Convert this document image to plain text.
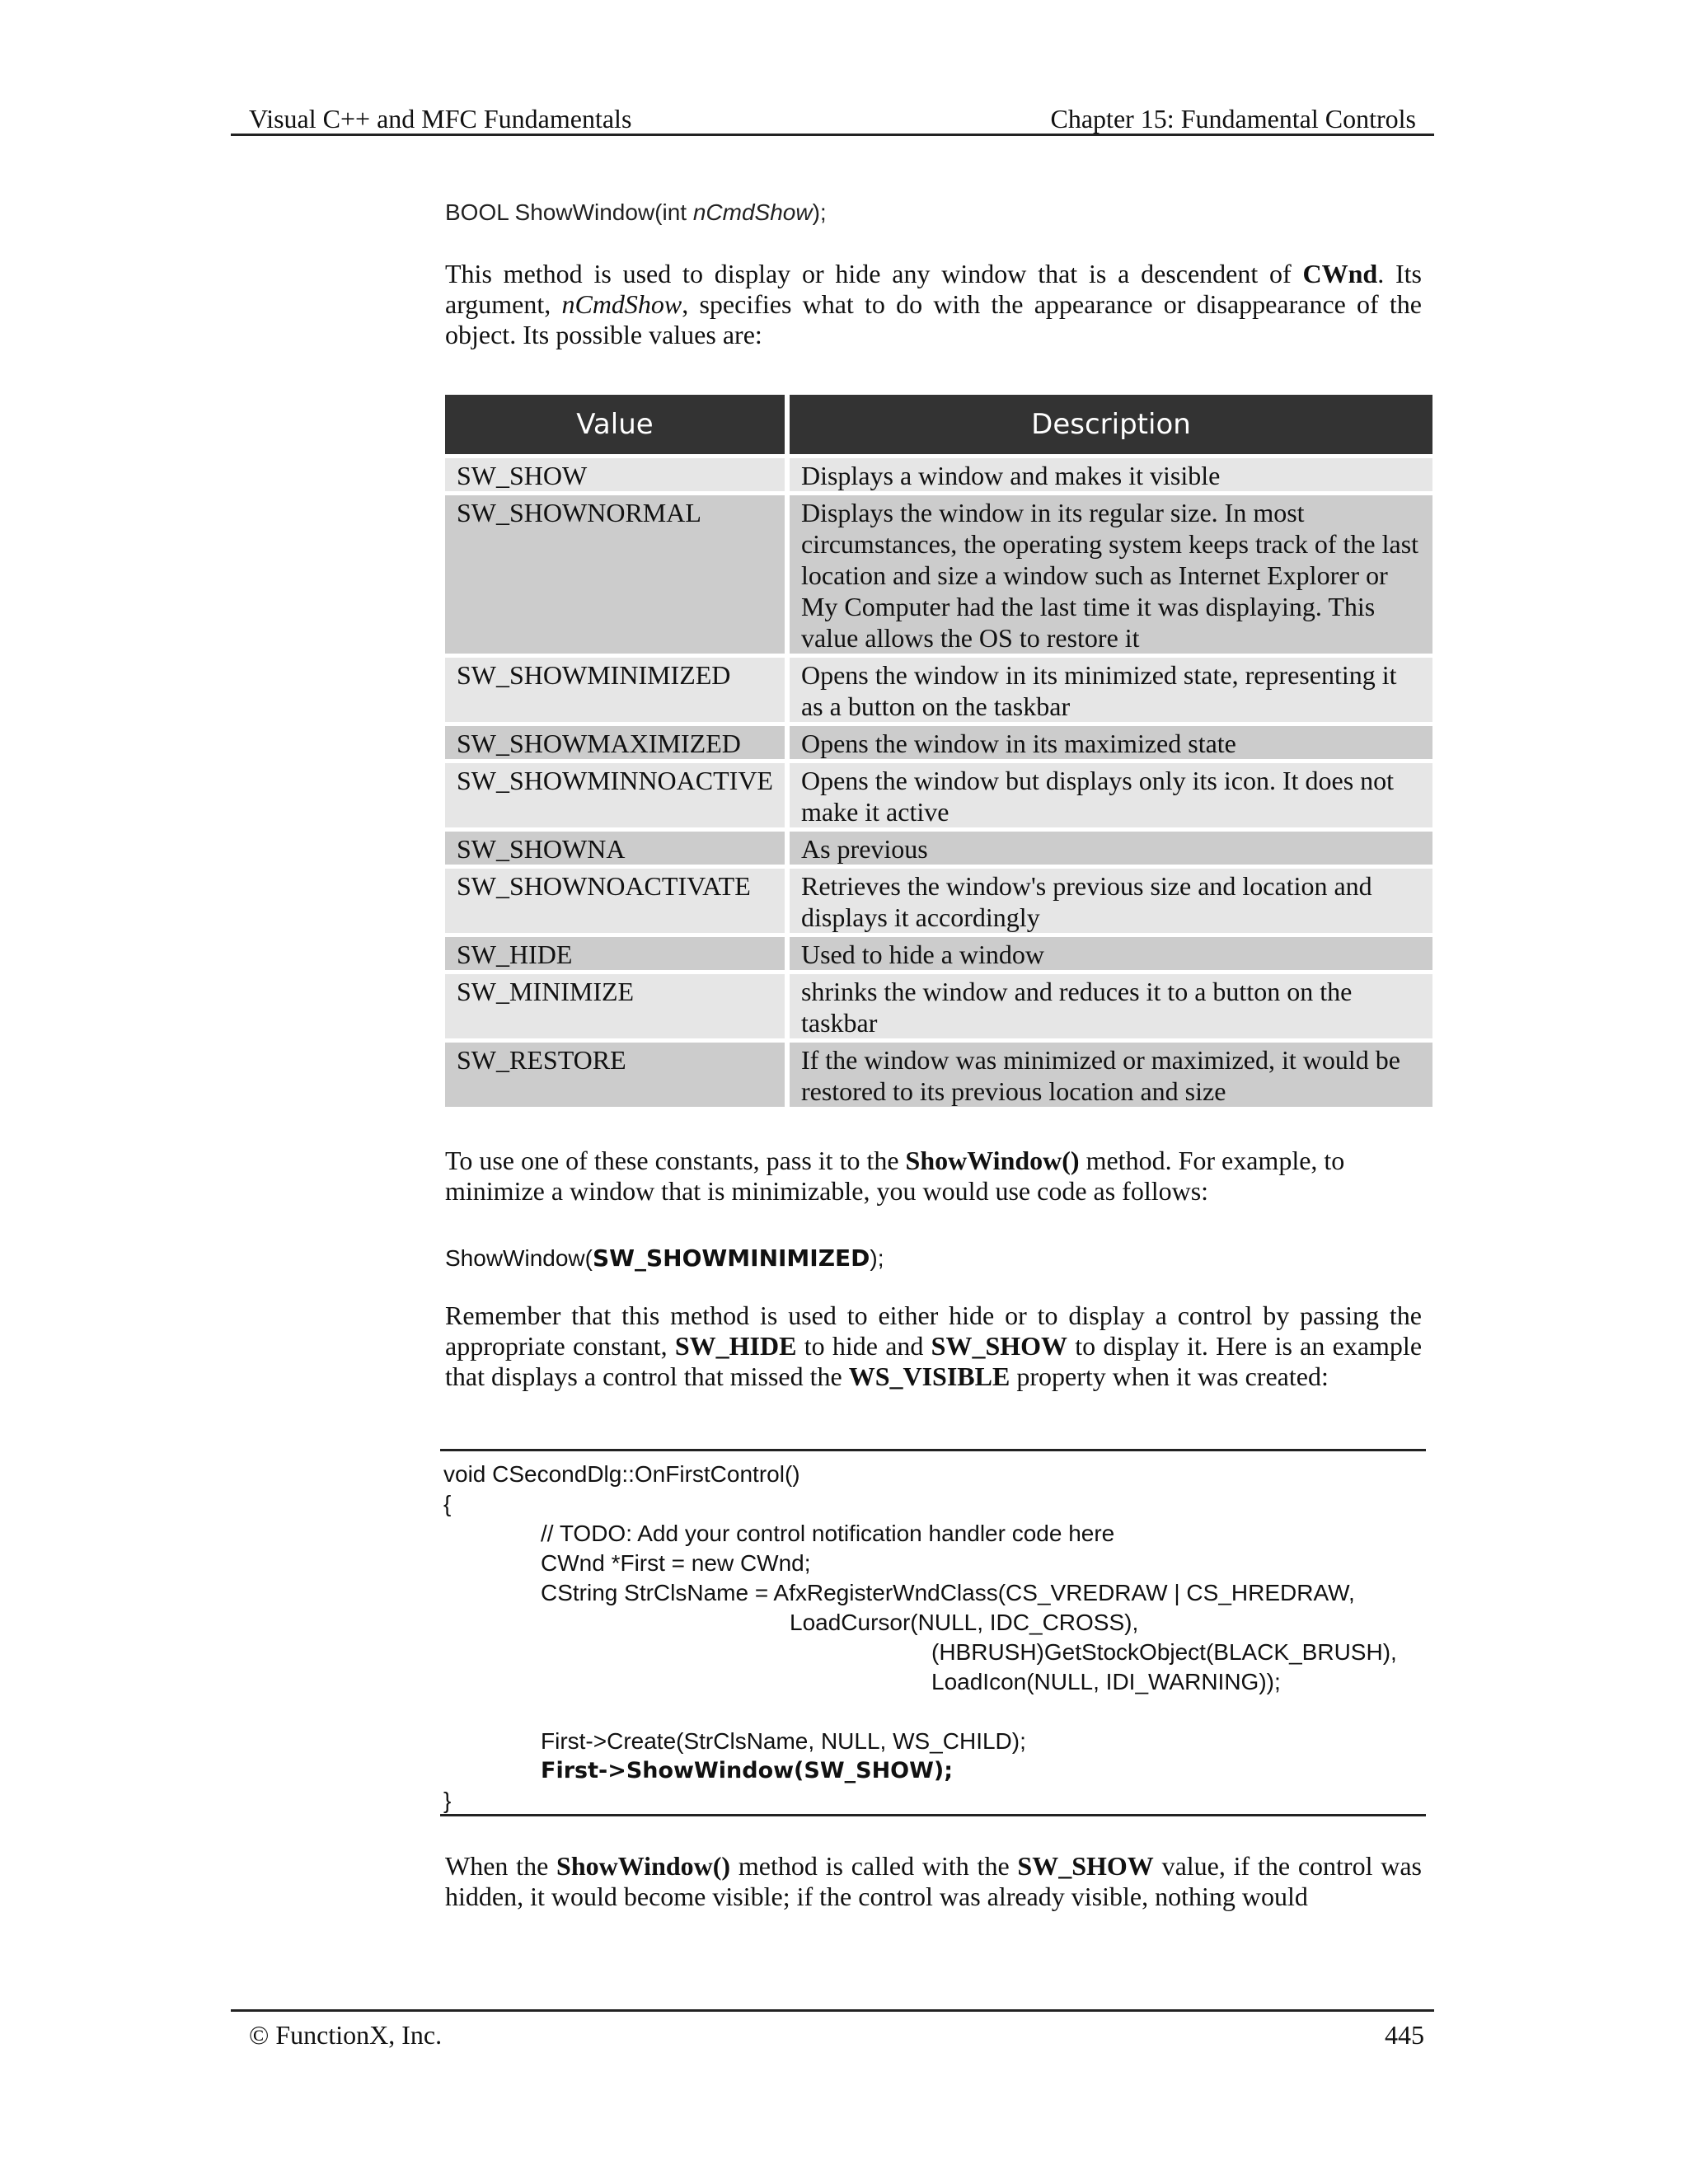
Visual C++ and MFC Fundamentals	Chapter 15: Fundamental Controls
BOOL ShowWindow(int nCmdShow);
This method is used to display or hide any window that is a descendent of CWnd. Its argument, nCmdShow, specifies what to do with the appearance or disappearance of the object. Its possible values are:
Value	Description
SW_SHOW	Displays a window and makes it visible
SW_SHOWNORMAL	Displays the window in its regular size. In most circumstances, the operating system keeps track of the last location and size a window such as Internet Explorer or My Computer had the last time it was displaying. This value allows the OS to restore it
SW_SHOWMINIMIZED	Opens the window in its minimized state, representing it as a button on the taskbar
SW_SHOWMAXIMIZED	Opens the window in its maximized state
SW_SHOWMINNOACTIVE	Opens the window but displays only its icon. It does not make it active
SW_SHOWNA	As previous
SW_SHOWNOACTIVATE	Retrieves the window's previous size and location and displays it accordingly
SW_HIDE	Used to hide a window
SW_MINIMIZE	shrinks the window and reduces it to a button on the taskbar
SW_RESTORE	If the window was minimized or maximized, it would be restored to its previous location and size
To use one of these constants, pass it to the ShowWindow() method. For example, to minimize a window that is minimizable, you would use code as follows:
ShowWindow(SW_SHOWMINIMIZED);
Remember that this method is used to either hide or to display a control by passing the appropriate constant, SW_HIDE to hide and SW_SHOW to display it. Here is an example that displays a control that missed the WS_VISIBLE property when it was created:
void CSecondDlg::OnFirstControl()
{
// TODO: Add your control notification handler code here
CWnd *First = new CWnd;
CString StrClsName = AfxRegisterWndClass(CS_VREDRAW | CS_HREDRAW,
LoadCursor(NULL, IDC_CROSS),
(HBRUSH)GetStockObject(BLACK_BRUSH),
LoadIcon(NULL, IDI_WARNING));
First->Create(StrClsName, NULL, WS_CHILD);
First->ShowWindow(SW_SHOW);
}
When the ShowWindow() method is called with the SW_SHOW value, if the control was hidden, it would become visible; if the control was already visible, nothing would
© FunctionX, Inc.	445
